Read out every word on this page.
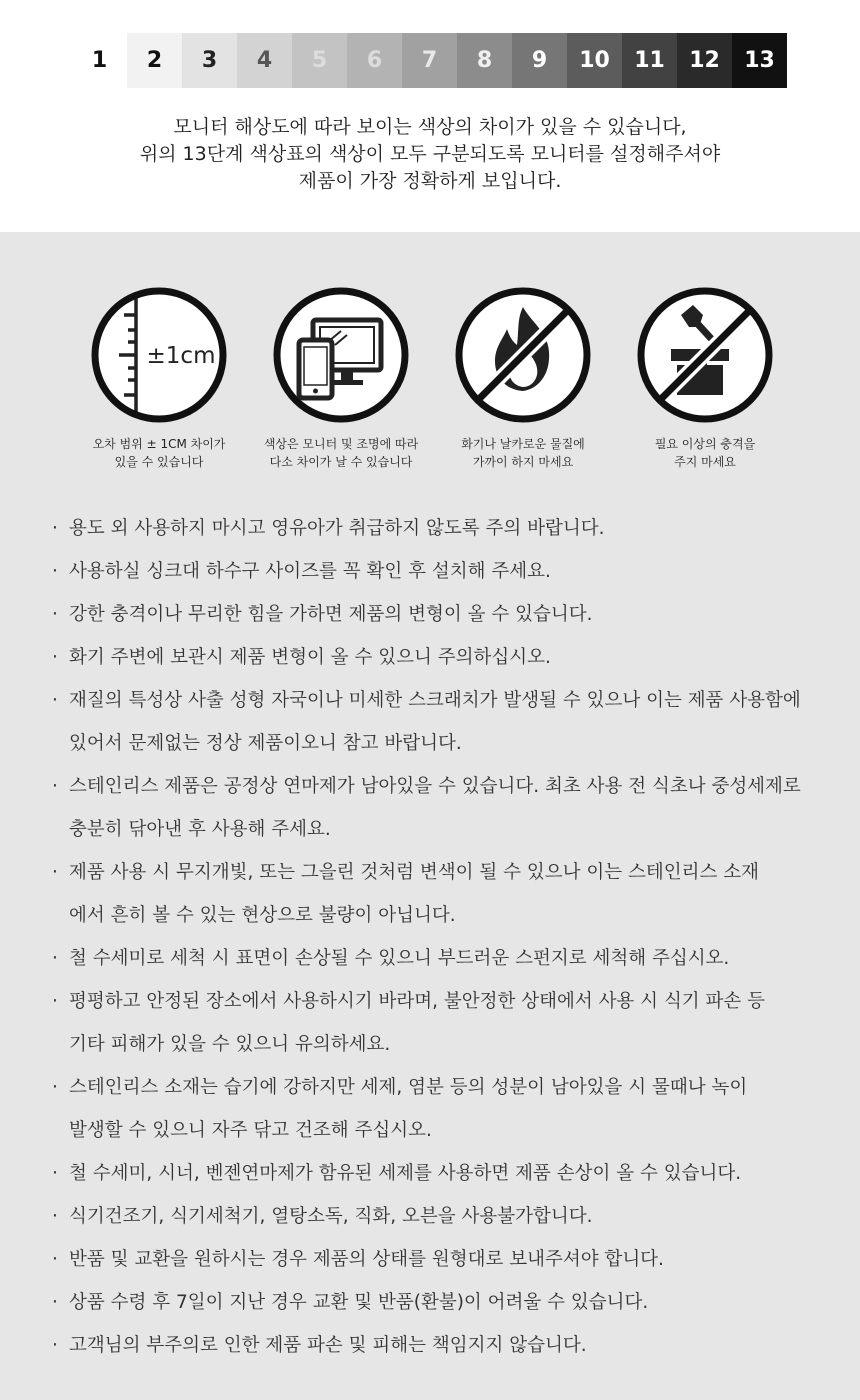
1	2	3	4	5	6	7	8	9	10	11	12	13
모니터 해상도에 따라 보이는 색상의 차이가 있을 수 있습니다,
위의 13단계 색상표의 색상이 모두 구분되도록 모니터를 설정해주셔야
제품이 가장 정확하게 보입니다.
±1cm
오차 범위 ± 1CM 차이가
있을 수 있습니다
색상은 모니터 및 조명에 따라
다소 차이가 날 수 있습니다
화기나 날카로운 물질에
가까이 하지 마세요
필요 이상의 충격을
주지 마세요
· 용도 외 사용하지 마시고 영유아가 취급하지 않도록 주의 바랍니다.
· 사용하실 싱크대 하수구 사이즈를 꼭 확인 후 설치해 주세요.
· 강한 충격이나 무리한 힘을 가하면 제품의 변형이 올 수 있습니다.
· 화기 주변에 보관시 제품 변형이 올 수 있으니 주의하십시오.
· 재질의 특성상 사출 성형 자국이나 미세한 스크래치가 발생될 수 있으나 이는 제품 사용함에
있어서 문제없는 정상 제품이오니 참고 바랍니다.
· 스테인리스 제품은 공정상 연마제가 남아있을 수 있습니다. 최초 사용 전 식초나 중성세제로
충분히 닦아낸 후 사용해 주세요.
· 제품 사용 시 무지개빛, 또는 그을린 것처럼 변색이 될 수 있으나 이는 스테인리스 소재
에서 흔히 볼 수 있는 현상으로 불량이 아닙니다.
· 철 수세미로 세척 시 표면이 손상될 수 있으니 부드러운 스펀지로 세척해 주십시오.
· 평평하고 안정된 장소에서 사용하시기 바라며, 불안정한 상태에서 사용 시 식기 파손 등
기타 피해가 있을 수 있으니 유의하세요.
· 스테인리스 소재는 습기에 강하지만 세제, 염분 등의 성분이 남아있을 시 물때나 녹이
발생할 수 있으니 자주 닦고 건조해 주십시오.
· 철 수세미, 시너, 벤젠연마제가 함유된 세제를 사용하면 제품 손상이 올 수 있습니다.
· 식기건조기, 식기세척기, 열탕소독, 직화, 오븐을 사용불가합니다.
· 반품 및 교환을 원하시는 경우 제품의 상태를 원형대로 보내주셔야 합니다.
· 상품 수령 후 7일이 지난 경우 교환 및 반품(환불)이 어려울 수 있습니다.
· 고객님의 부주의로 인한 제품 파손 및 피해는 책임지지 않습니다.
